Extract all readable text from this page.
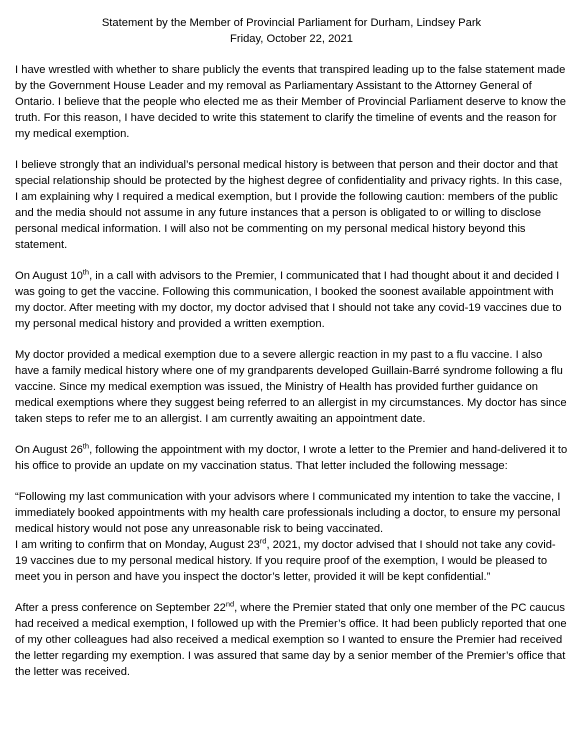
Statement by the Member of Provincial Parliament for Durham, Lindsey Park

Friday, October 22, 2021

I have wrestled with whether to share publicly the events that transpired leading up to the false statement made by the Government House Leader and my removal as Parliamentary Assistant to the Attorney General of Ontario. I believe that the people who elected me as their Member of Provincial Parliament deserve to know the truth. For this reason, I have decided to write this statement to clarify the timeline of events and the reason for my medical exemption.

I believe strongly that an individual’s personal medical history is between that person and their doctor and that special relationship should be protected by the highest degree of confidentiality and privacy rights. In this case, I am explaining why I required a medical exemption, but I provide the following caution: members of the public and the media should not assume in any future instances that a person is obligated to or willing to disclose personal medical information. I will also not be commenting on my personal medical history beyond this statement.

On August 10th, in a call with advisors to the Premier, I communicated that I had thought about it and decided I was going to get the vaccine. Following this communication, I booked the soonest available appointment with my doctor. After meeting with my doctor, my doctor advised that I should not take any covid-19 vaccines due to my personal medical history and provided a written exemption.

My doctor provided a medical exemption due to a severe allergic reaction in my past to a flu vaccine. I also have a family medical history where one of my grandparents developed Guillain-Barré syndrome following a flu vaccine. Since my medical exemption was issued, the Ministry of Health has provided further guidance on medical exemptions where they suggest being referred to an allergist in my circumstances. My doctor has since taken steps to refer me to an allergist. I am currently awaiting an appointment date.

On August 26th, following the appointment with my doctor, I wrote a letter to the Premier and hand-delivered it to his office to provide an update on my vaccination status. That letter included the following message:

“Following my last communication with your advisors where I communicated my intention to take the vaccine, I immediately booked appointments with my health care professionals including a doctor, to ensure my personal medical history would not pose any unreasonable risk to being vaccinated.

I am writing to confirm that on Monday, August 23rd, 2021, my doctor advised that I should not take any covid-19 vaccines due to my personal medical history. If you require proof of the exemption, I would be pleased to meet you in person and have you inspect the doctor’s letter, provided it will be kept confidential.”

After a press conference on September 22nd, where the Premier stated that only one member of the PC caucus had received a medical exemption, I followed up with the Premier’s office. It had been publicly reported that one of my other colleagues had also received a medical exemption so I wanted to ensure the Premier had received the letter regarding my exemption. I was assured that same day by a senior member of the Premier’s office that the letter was received.
